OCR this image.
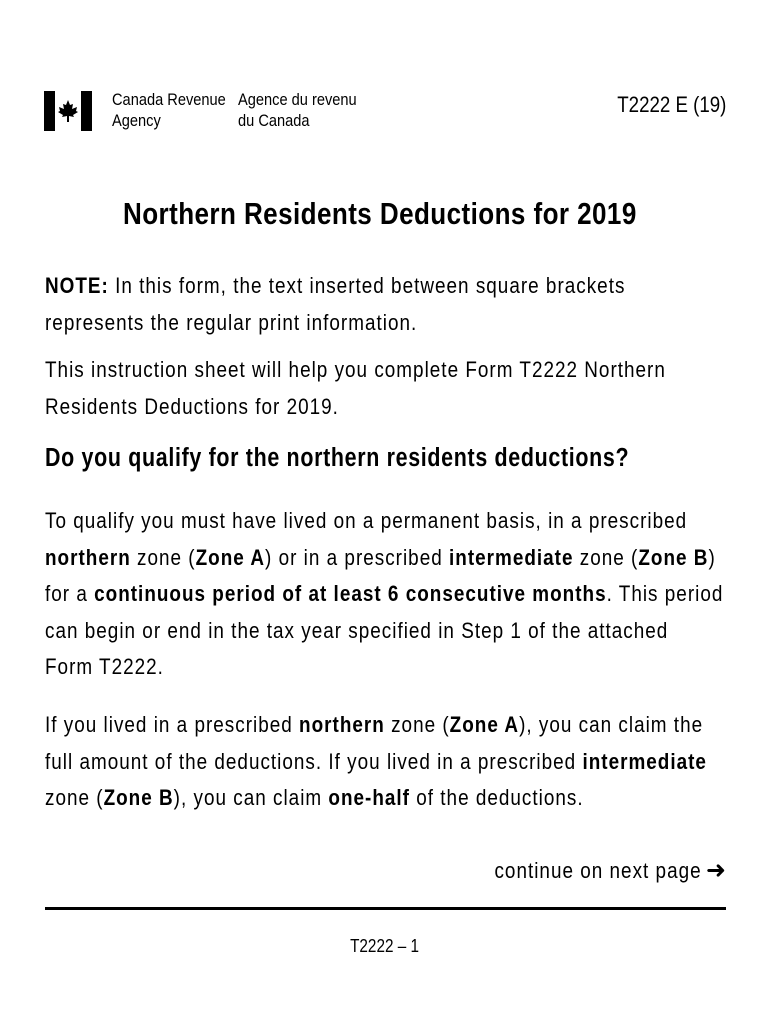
Canada Revenue
Agency
Agence du revenu
du Canada
T2222 E (19)
Northern Residents Deductions for 2019
NOTE: In this form, the text inserted between square brackets
represents the regular print information.
This instruction sheet will help you complete Form T2222 Northern
Residents Deductions for 2019.
Do you qualify for the northern residents deductions?
To qualify you must have lived on a permanent basis, in a prescribed
northern zone (Zone A) or in a prescribed intermediate zone (Zone B)
for a continuous period of at least 6 consecutive months. This period
can begin or end in the tax year specified in Step 1 of the attached
Form T2222.
If you lived in a prescribed northern zone (Zone A), you can claim the
full amount of the deductions. If you lived in a prescribed intermediate
zone (Zone B), you can claim one-half of the deductions.
continue on next page ➜
T2222 – 1
